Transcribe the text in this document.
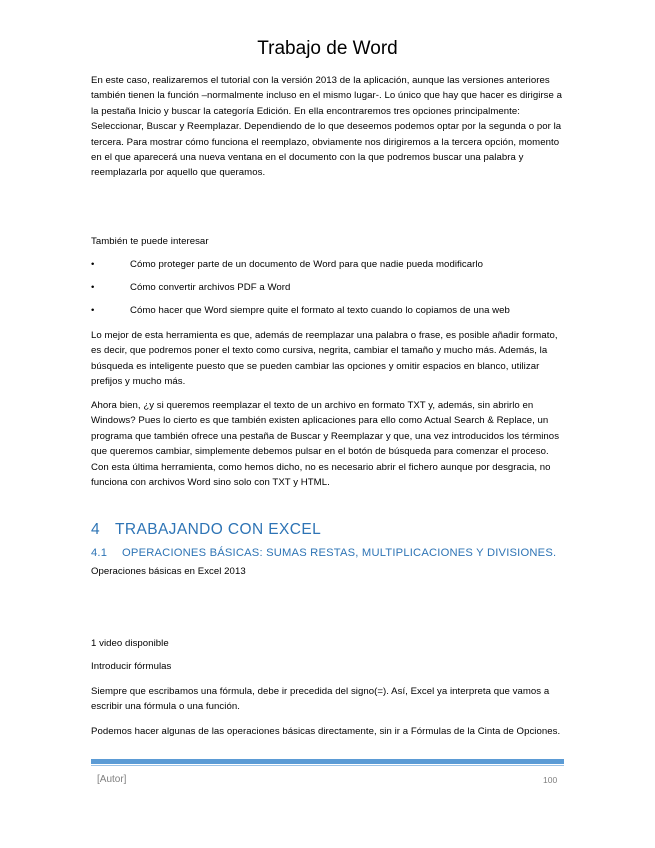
Trabajo de Word

En este caso, realizaremos el tutorial con la versión 2013 de la aplicación, aunque las versiones anteriores también tienen la función –normalmente incluso en el mismo lugar-. Lo único que hay que hacer es dirigirse a la pestaña Inicio y buscar la categoría Edición. En ella encontraremos tres opciones principalmente: Seleccionar, Buscar y Reemplazar. Dependiendo de lo que deseemos podemos optar por la segunda o por la tercera. Para mostrar cómo funciona el reemplazo, obviamente nos dirigiremos a la tercera opción, momento en el que aparecerá una nueva ventana en el documento con la que podremos buscar una palabra y reemplazarla por aquello que queramos.

También te puede interesar
•	Cómo proteger parte de un documento de Word para que nadie pueda modificarlo
•	Cómo convertir archivos PDF a Word
•	Cómo hacer que Word siempre quite el formato al texto cuando lo copiamos de una web

Lo mejor de esta herramienta es que, además de reemplazar una palabra o frase, es posible añadir formato, es decir, que podremos poner el texto como cursiva, negrita, cambiar el tamaño y mucho más. Además, la búsqueda es inteligente puesto que se pueden cambiar las opciones y omitir espacios en blanco, utilizar prefijos y mucho más.

Ahora bien, ¿y si queremos reemplazar el texto de un archivo en formato TXT y, además, sin abrirlo en Windows? Pues lo cierto es que también existen aplicaciones para ello como Actual Search & Replace, un programa que también ofrece una pestaña de Buscar y Reemplazar y que, una vez introducidos los términos que queremos cambiar, simplemente debemos pulsar en el botón de búsqueda para comenzar el proceso. Con esta última herramienta, como hemos dicho, no es necesario abrir el fichero aunque por desgracia, no funciona con archivos Word sino solo con TXT y HTML.

4 TRABAJANDO CON EXCEL
4.1 OPERACIONES BÁSICAS: SUMAS RESTAS, MULTIPLICACIONES Y DIVISIONES.
Operaciones básicas en Excel 2013
1 video disponible
Introducir fórmulas

Siempre que escribamos una fórmula, debe ir precedida del signo(=). Así, Excel ya interpreta que vamos a escribir una fórmula o una función.

Podemos hacer algunas de las operaciones básicas directamente, sin ir a Fórmulas de la Cinta de Opciones.

[Autor]	100
